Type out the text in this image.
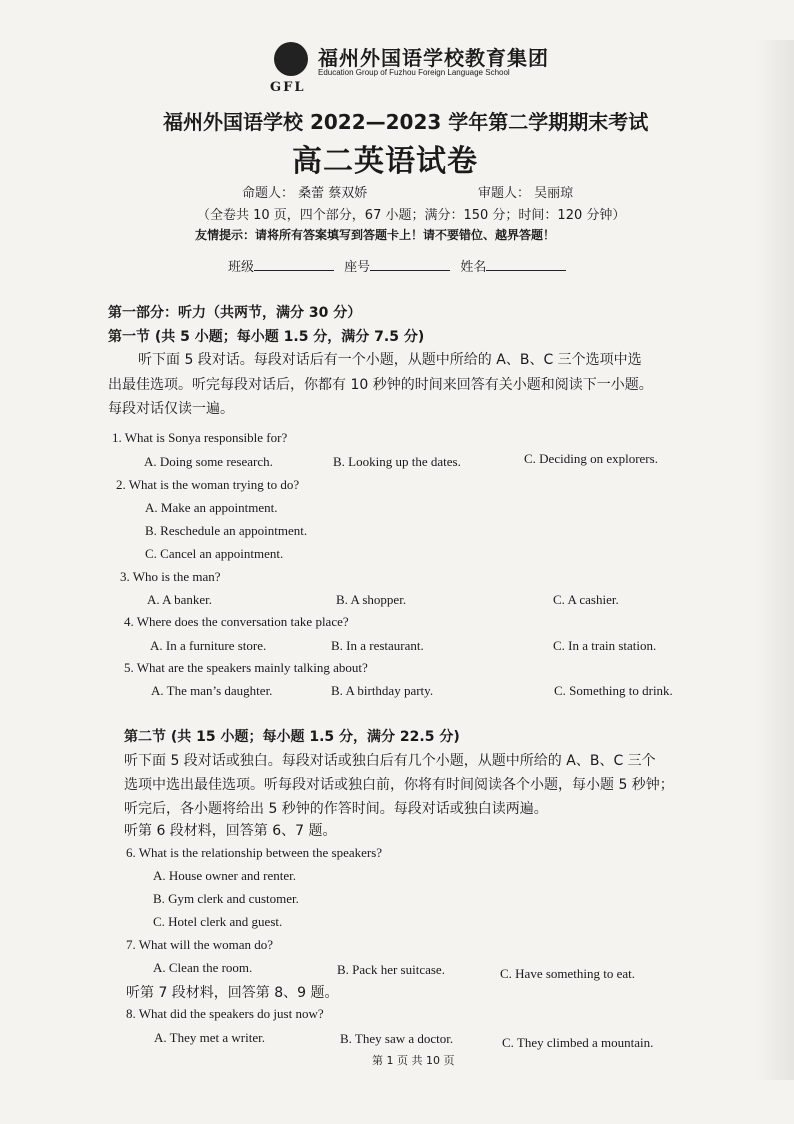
GFL
福州外国语学校教育集团
Education Group of Fuzhou Foreign Language School
福州外国语学校 2022—2023 学年第二学期期末考试
高二英语试卷
命题人： 桑蕾 蔡双娇	审题人： 吴丽琼
（全卷共 10 页，四个部分，67 小题；满分：150 分；时间：120 分钟）
友情提示：请将所有答案填写到答题卡上！请不要错位、越界答题！
班级	座号	姓名
第一部分：听力（共两节，满分 30 分）
第一节 (共 5 小题；每小题 1.5 分，满分 7.5 分)
听下面 5 段对话。每段对话后有一个小题，从题中所给的 A、B、C 三个选项中选
出最佳选项。听完每段对话后，你都有 10 秒钟的时间来回答有关小题和阅读下一小题。
每段对话仅读一遍。
1. What is Sonya responsible for?
A. Doing some research.	B. Looking up the dates.	C. Deciding on explorers.
2. What is the woman trying to do?
A. Make an appointment.
B. Reschedule an appointment.
C. Cancel an appointment.
3. Who is the man?
A. A banker.	B. A shopper.	C. A cashier.
4. Where does the conversation take place?
A. In a furniture store.	B. In a restaurant.	C. In a train station.
5. What are the speakers mainly talking about?
A. The man’s daughter.	B. A birthday party.	C. Something to drink.
第二节 (共 15 小题；每小题 1.5 分，满分 22.5 分)
听下面 5 段对话或独白。每段对话或独白后有几个小题，从题中所给的 A、B、C 三个
选项中选出最佳选项。听每段对话或独白前，你将有时间阅读各个小题，每小题 5 秒钟；
听完后，各小题将给出 5 秒钟的作答时间。每段对话或独白读两遍。
听第 6 段材料，回答第 6、7 题。
6. What is the relationship between the speakers?
A. House owner and renter.
B. Gym clerk and customer.
C. Hotel clerk and guest.
7. What will the woman do?
A. Clean the room.	B. Pack her suitcase.	C. Have something to eat.
听第 7 段材料，回答第 8、9 题。
8. What did the speakers do just now?
A. They met a writer.	B. They saw a doctor.	C. They climbed a mountain.
第 1 页 共 10 页
